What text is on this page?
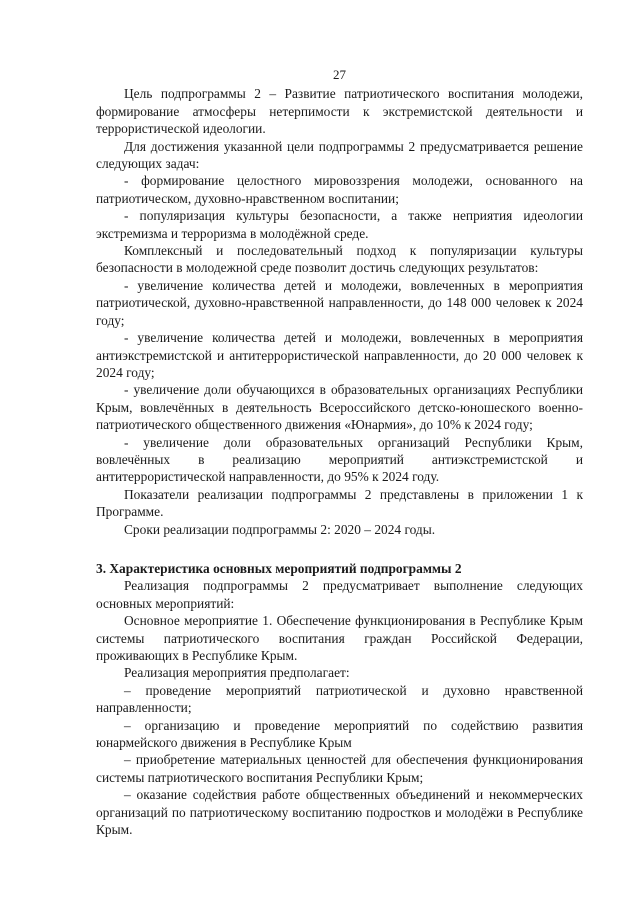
27

Цель подпрограммы 2 – Развитие патриотического воспитания молодежи, формирование атмосферы нетерпимости к экстремистской деятельности и террористической идеологии.

Для достижения указанной цели подпрограммы 2 предусматривается решение следующих задач:

- формирование целостного мировоззрения молодежи, основанного на патриотическом, духовно-нравственном воспитании;

- популяризация культуры безопасности, а также неприятия идеологии экстремизма и терроризма в молодёжной среде.

Комплексный и последовательный подход к популяризации культуры безопасности в молодежной среде позволит достичь следующих результатов:

- увеличение количества детей и молодежи, вовлеченных в мероприятия патриотической, духовно-нравственной направленности, до 148 000 человек к 2024 году;

- увеличение количества детей и молодежи, вовлеченных в мероприятия антиэкстремистской и антитеррористической направленности, до 20 000 человек к 2024 году;

- увеличение доли обучающихся в образовательных организациях Республики Крым, вовлечённых в деятельность Всероссийского детско-юношеского военно-патриотического общественного движения «Юнармия», до 10% к 2024 году;

- увеличение доли образовательных организаций Республики Крым, вовлечённых в реализацию мероприятий антиэкстремистской и антитеррористической направленности, до 95% к 2024 году.

Показатели реализации подпрограммы 2 представлены в приложении 1 к Программе.

Сроки реализации подпрограммы 2: 2020 – 2024 годы.

3. Характеристика основных мероприятий подпрограммы 2

Реализация подпрограммы 2 предусматривает выполнение следующих основных мероприятий:

Основное мероприятие 1. Обеспечение функционирования в Республике Крым системы патриотического воспитания граждан Российской Федерации, проживающих в Республике Крым.

Реализация мероприятия предполагает:

– проведение мероприятий патриотической и духовно нравственной направленности;

– организацию и проведение мероприятий по содействию развития юнармейского движения в Республике Крым

– приобретение материальных ценностей для обеспечения функционирования системы патриотического воспитания Республики Крым;

– оказание содействия работе общественных объединений и некоммерческих организаций по патриотическому воспитанию подростков и молодёжи в Республике Крым.
